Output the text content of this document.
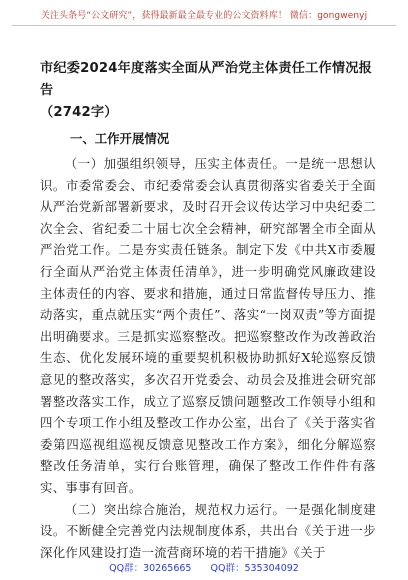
关注头条号“公文研究”，获得最新最全最专业的公文资料库！ 微信：gongwenyj

市纪委2024年度落实全面从严治党主体责任工作情况报告

（2742字）

一、工作开展情况

（一）加强组织领导，压实主体责任。一是统一思想认识。市委常委会、市纪委常委会认真贯彻落实省委关于全面从严治党新部署新要求，及时召开会议传达学习中央纪委二次全会、省纪委二十届七次全会精神，研究部署全市全面从严治党工作。二是夯实责任链条。制定下发《中共X市委履行全面从严治党主体责任清单》，进一步明确党风廉政建设主体责任的内容、要求和措施，通过日常监督传导压力、推动落实，重点就压实“两个责任”、落实“一岗双责”等方面提出明确要求。三是抓实巡察整改。把巡察整改作为改善政治生态、优化发展环境的重要契机积极协助抓好X轮巡察反馈意见的整改落实，多次召开党委会、动员会及推进会研究部署整改落实工作，成立了巡察反馈问题整改工作领导小组和四个专项工作小组及整改工作办公室，出台了《关于落实省委第四巡视组巡视反馈意见整改工作方案》，细化分解巡察整改任务清单，实行台账管理，确保了整改工作件件有落实、事事有回音。

（二）突出综合施治，规范权力运行。一是强化制度建设。不断健全完善党内法规制度体系，共出台《关于进一步深化作风建设打造一流营商环境的若干措施》《关于

QQ群：30265665 QQ群：535304092
